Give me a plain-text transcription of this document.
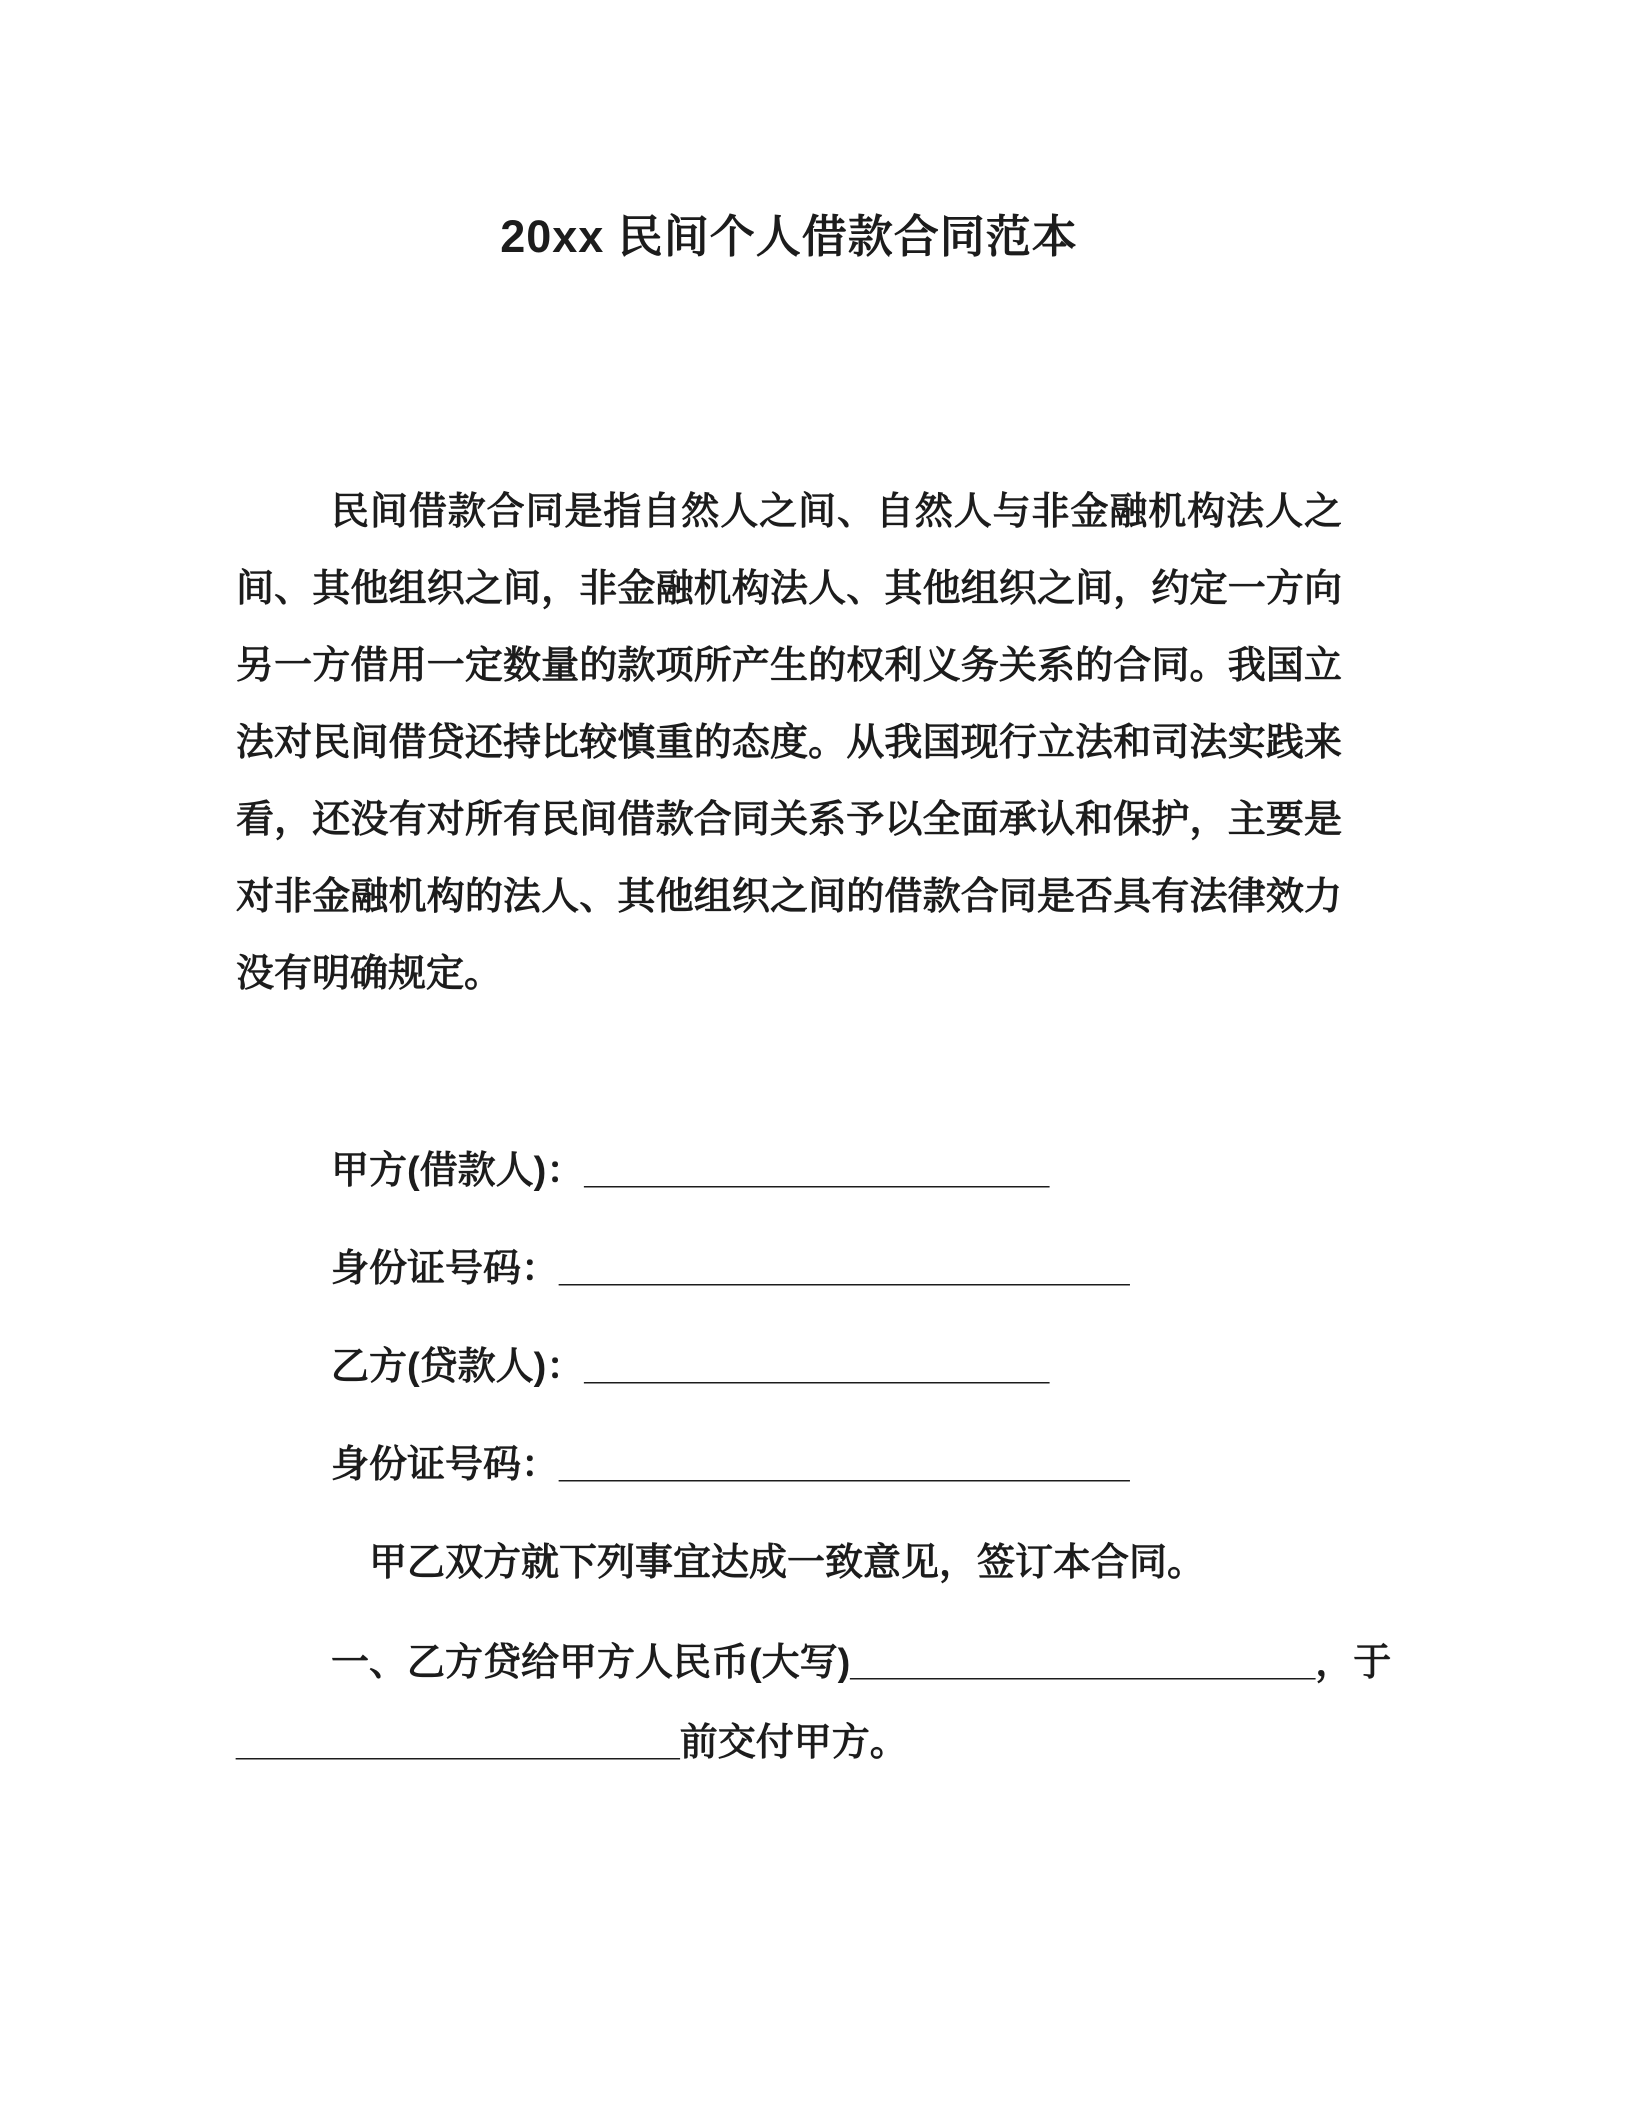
20xx 民间个人借款合同范本

民间借款合同是指自然人之间、自然人与非金融机构法人之间、其他组织之间，非金融机构法人、其他组织之间，约定一方向另一方借用一定数量的款项所产生的权利义务关系的合同。我国立法对民间借贷还持比较慎重的态度。从我国现行立法和司法实践来看，还没有对所有民间借款合同关系予以全面承认和保护，主要是对非金融机构的法人、其他组织之间的借款合同是否具有法律效力没有明确规定。

甲方(借款人)：______________________

身份证号码：___________________________

乙方(贷款人)：______________________

身份证号码：___________________________

甲乙双方就下列事宜达成一致意见，签订本合同。

一、乙方贷给甲方人民币(大写)______________________，于
_____________________前交付甲方。
